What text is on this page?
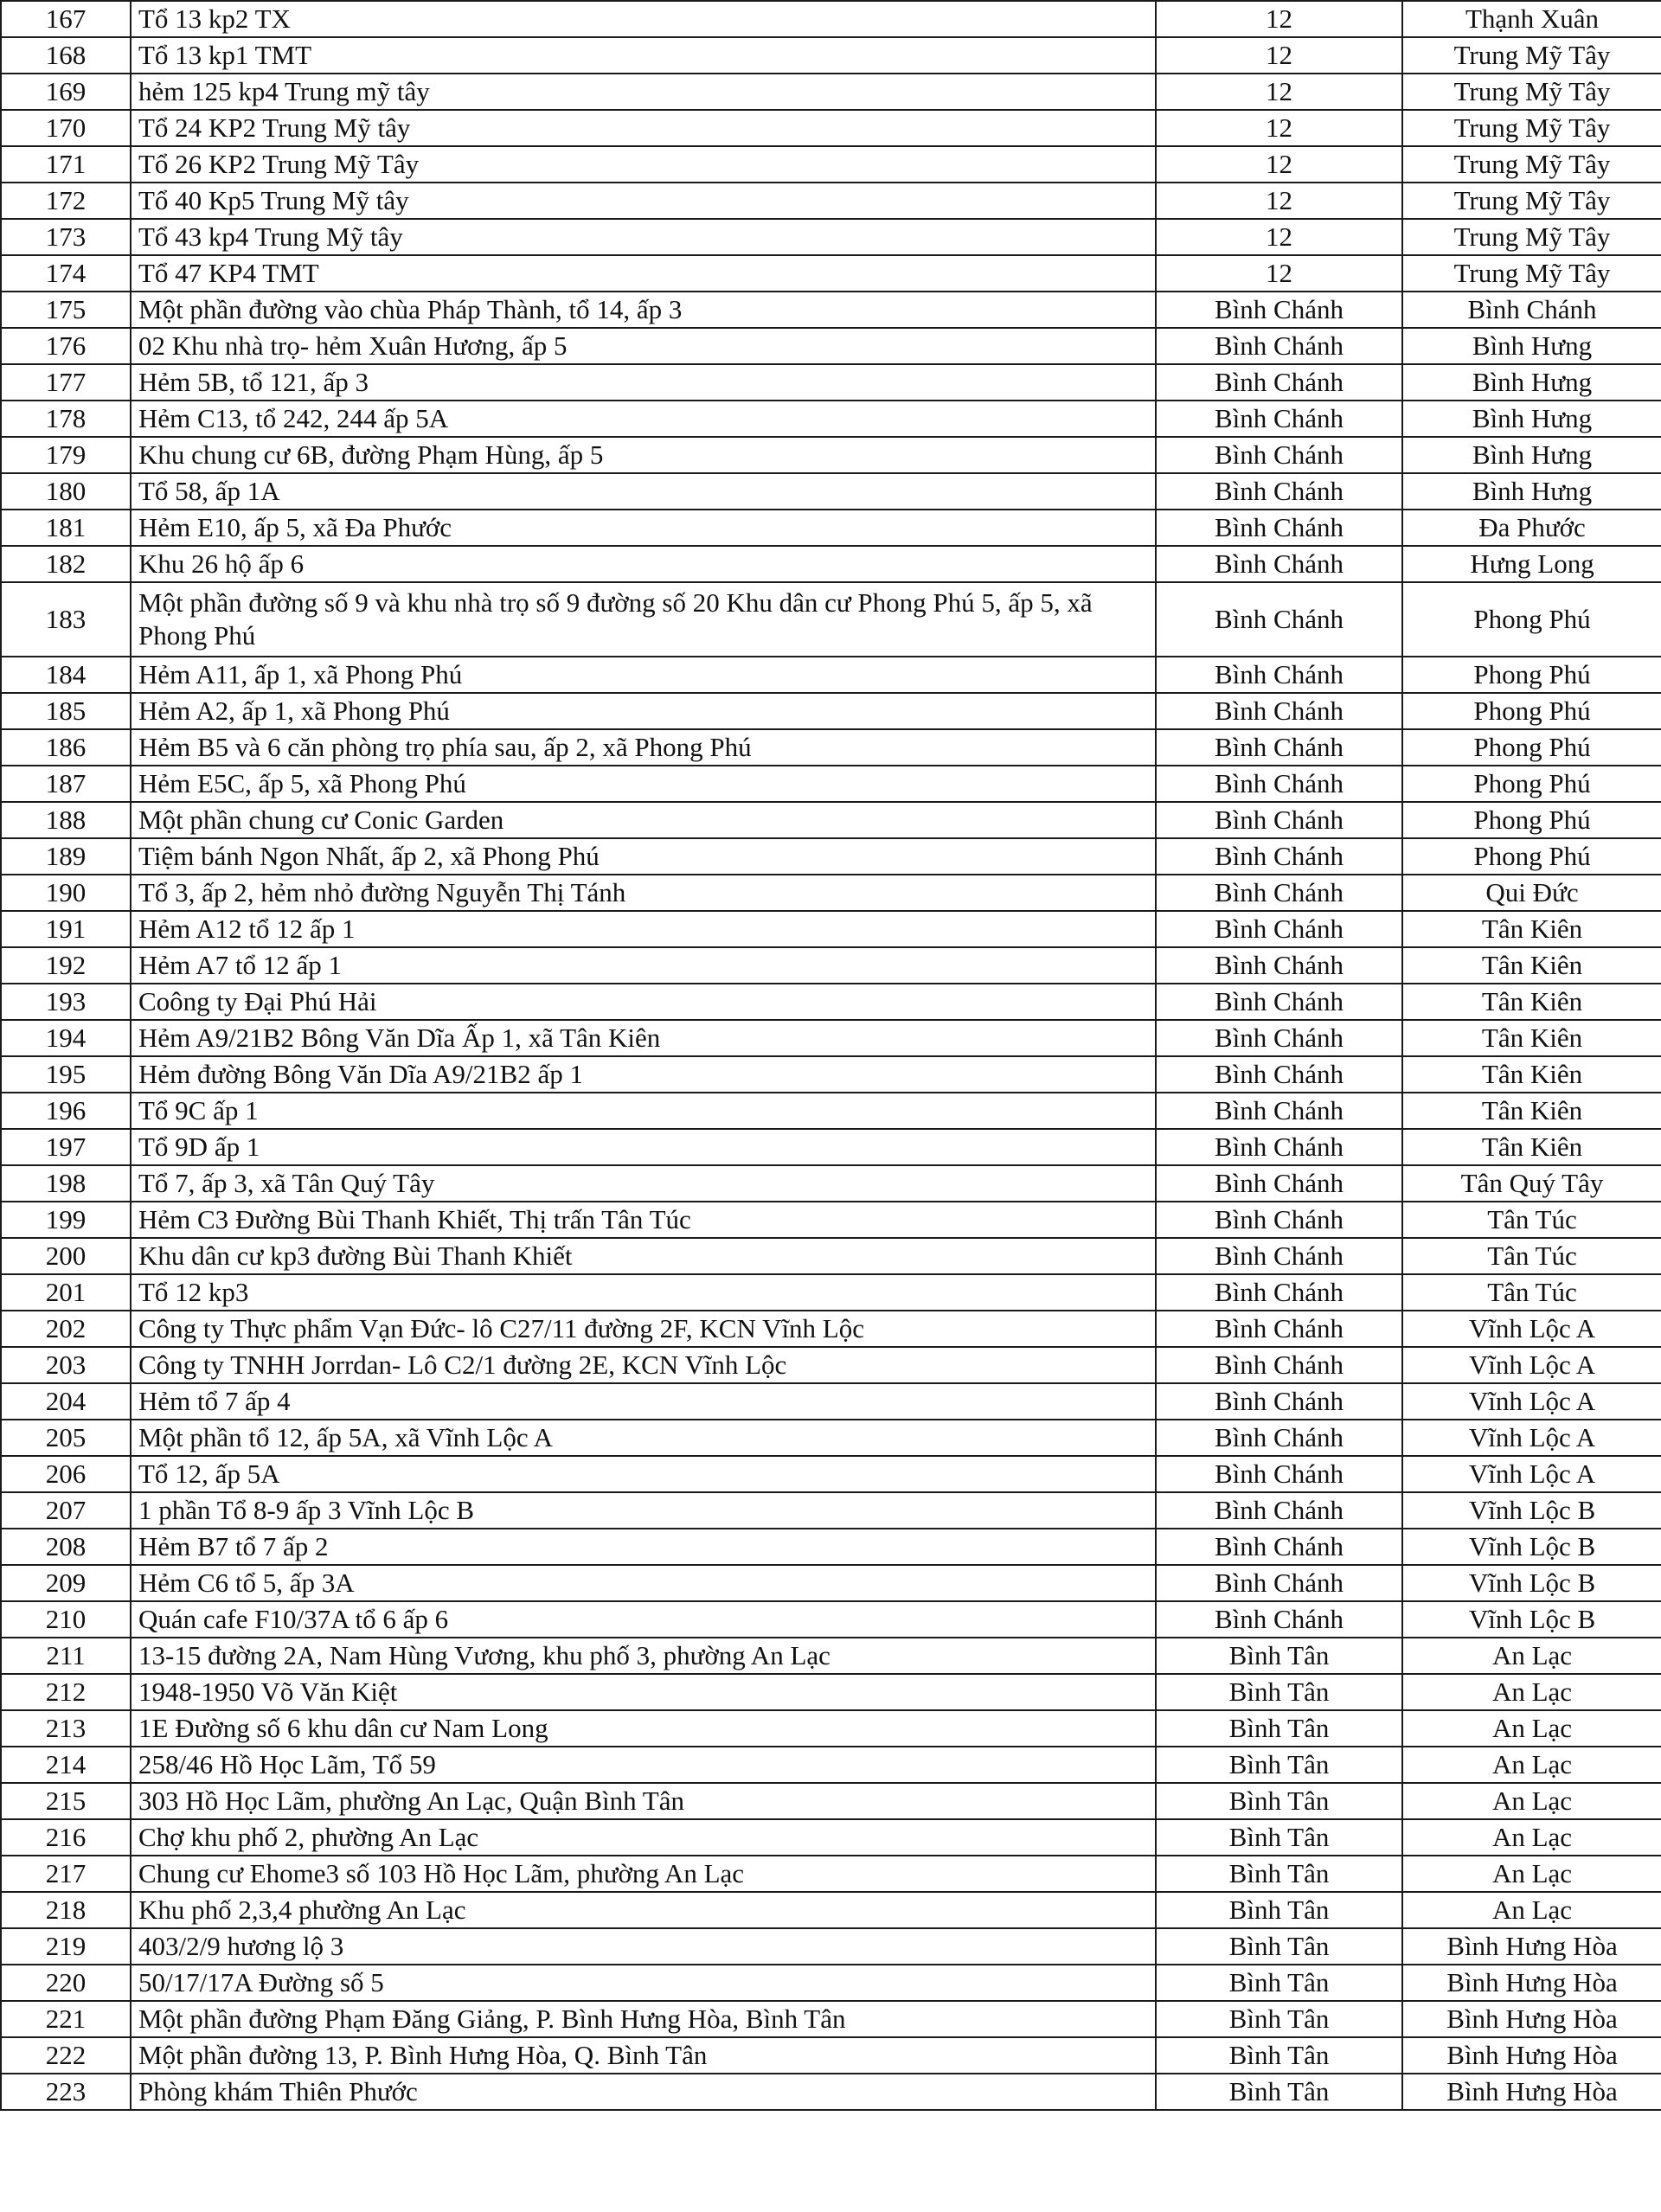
167	Tổ 13 kp2 TX	12	Thạnh Xuân
168	Tổ 13 kp1 TMT	12	Trung Mỹ Tây
169	hẻm 125 kp4 Trung mỹ tây	12	Trung Mỹ Tây
170	Tổ 24 KP2 Trung Mỹ tây	12	Trung Mỹ Tây
171	Tổ 26 KP2 Trung Mỹ Tây	12	Trung Mỹ Tây
172	Tổ 40 Kp5 Trung Mỹ tây	12	Trung Mỹ Tây
173	Tổ 43 kp4 Trung Mỹ tây	12	Trung Mỹ Tây
174	Tổ 47 KP4 TMT	12	Trung Mỹ Tây
175	Một phần đường vào chùa Pháp Thành, tổ 14, ấp 3	Bình Chánh	Bình Chánh
176	02 Khu nhà trọ- hẻm Xuân Hương, ấp 5	Bình Chánh	Bình Hưng
177	Hẻm 5B, tổ 121, ấp 3	Bình Chánh	Bình Hưng
178	Hẻm C13, tổ 242, 244 ấp 5A	Bình Chánh	Bình Hưng
179	Khu chung cư 6B, đường Phạm Hùng, ấp 5	Bình Chánh	Bình Hưng
180	Tổ 58, ấp 1A	Bình Chánh	Bình Hưng
181	Hẻm E10, ấp 5, xã Đa Phước	Bình Chánh	Đa Phước
182	Khu 26 hộ ấp 6	Bình Chánh	Hưng Long
183	Một phần đường số 9 và khu nhà trọ số 9 đường số 20 Khu dân cư Phong Phú 5, ấp 5, xã Phong Phú	Bình Chánh	Phong Phú
184	Hẻm A11, ấp 1, xã Phong Phú	Bình Chánh	Phong Phú
185	Hẻm A2, ấp 1, xã Phong Phú	Bình Chánh	Phong Phú
186	Hẻm B5 và 6 căn phòng trọ phía sau, ấp 2, xã Phong Phú	Bình Chánh	Phong Phú
187	Hẻm E5C, ấp 5, xã Phong Phú	Bình Chánh	Phong Phú
188	Một phần chung cư Conic Garden	Bình Chánh	Phong Phú
189	Tiệm bánh Ngon Nhất, ấp 2, xã Phong Phú	Bình Chánh	Phong Phú
190	Tổ 3, ấp 2, hẻm nhỏ đường Nguyễn Thị Tánh	Bình Chánh	Qui Đức
191	Hẻm A12 tổ 12 ấp 1	Bình Chánh	Tân Kiên
192	Hẻm A7 tổ 12 ấp 1	Bình Chánh	Tân Kiên
193	Coông ty Đại Phú Hải	Bình Chánh	Tân Kiên
194	Hẻm A9/21B2 Bông Văn Dĩa Ấp 1, xã Tân Kiên	Bình Chánh	Tân Kiên
195	Hẻm đường Bông Văn Dĩa A9/21B2 ấp 1	Bình Chánh	Tân Kiên
196	Tổ 9C ấp 1	Bình Chánh	Tân Kiên
197	Tổ 9D ấp 1	Bình Chánh	Tân Kiên
198	Tổ 7, ấp 3, xã Tân Quý Tây	Bình Chánh	Tân Quý Tây
199	Hẻm C3 Đường Bùi Thanh Khiết, Thị trấn Tân Túc	Bình Chánh	Tân Túc
200	Khu dân cư kp3 đường Bùi Thanh Khiết	Bình Chánh	Tân Túc
201	Tổ 12 kp3	Bình Chánh	Tân Túc
202	Công ty Thực phẩm Vạn Đức- lô C27/11 đường 2F, KCN Vĩnh Lộc	Bình Chánh	Vĩnh Lộc A
203	Công ty TNHH Jorrdan- Lô C2/1 đường 2E, KCN Vĩnh Lộc	Bình Chánh	Vĩnh Lộc A
204	Hẻm tổ 7 ấp 4	Bình Chánh	Vĩnh Lộc A
205	Một phần tổ 12, ấp 5A, xã Vĩnh Lộc A	Bình Chánh	Vĩnh Lộc A
206	Tổ 12, ấp 5A	Bình Chánh	Vĩnh Lộc A
207	1 phần Tổ 8-9 ấp 3 Vĩnh Lộc B	Bình Chánh	Vĩnh Lộc B
208	Hẻm B7 tổ 7 ấp 2	Bình Chánh	Vĩnh Lộc B
209	Hẻm C6 tổ 5, ấp 3A	Bình Chánh	Vĩnh Lộc B
210	Quán cafe F10/37A tổ 6 ấp 6	Bình Chánh	Vĩnh Lộc B
211	13-15 đường 2A, Nam Hùng Vương, khu phố 3, phường An Lạc	Bình Tân	An Lạc
212	1948-1950 Võ Văn Kiệt	Bình Tân	An Lạc
213	1E Đường số 6 khu dân cư Nam Long	Bình Tân	An Lạc
214	258/46 Hồ Học Lãm, Tổ 59	Bình Tân	An Lạc
215	303 Hồ Học Lãm, phường An Lạc, Quận Bình Tân	Bình Tân	An Lạc
216	Chợ khu phố 2, phường An Lạc	Bình Tân	An Lạc
217	Chung cư Ehome3 số 103 Hồ Học Lãm, phường An Lạc	Bình Tân	An Lạc
218	Khu phố 2,3,4 phường An Lạc	Bình Tân	An Lạc
219	403/2/9 hương lộ 3	Bình Tân	Bình Hưng Hòa
220	50/17/17A Đường số 5	Bình Tân	Bình Hưng Hòa
221	Một phần đường Phạm Đăng Giảng, P. Bình Hưng Hòa, Bình Tân	Bình Tân	Bình Hưng Hòa
222	Một phần đường 13, P. Bình Hưng Hòa, Q. Bình Tân	Bình Tân	Bình Hưng Hòa
223	Phòng khám Thiên Phước	Bình Tân	Bình Hưng Hòa
